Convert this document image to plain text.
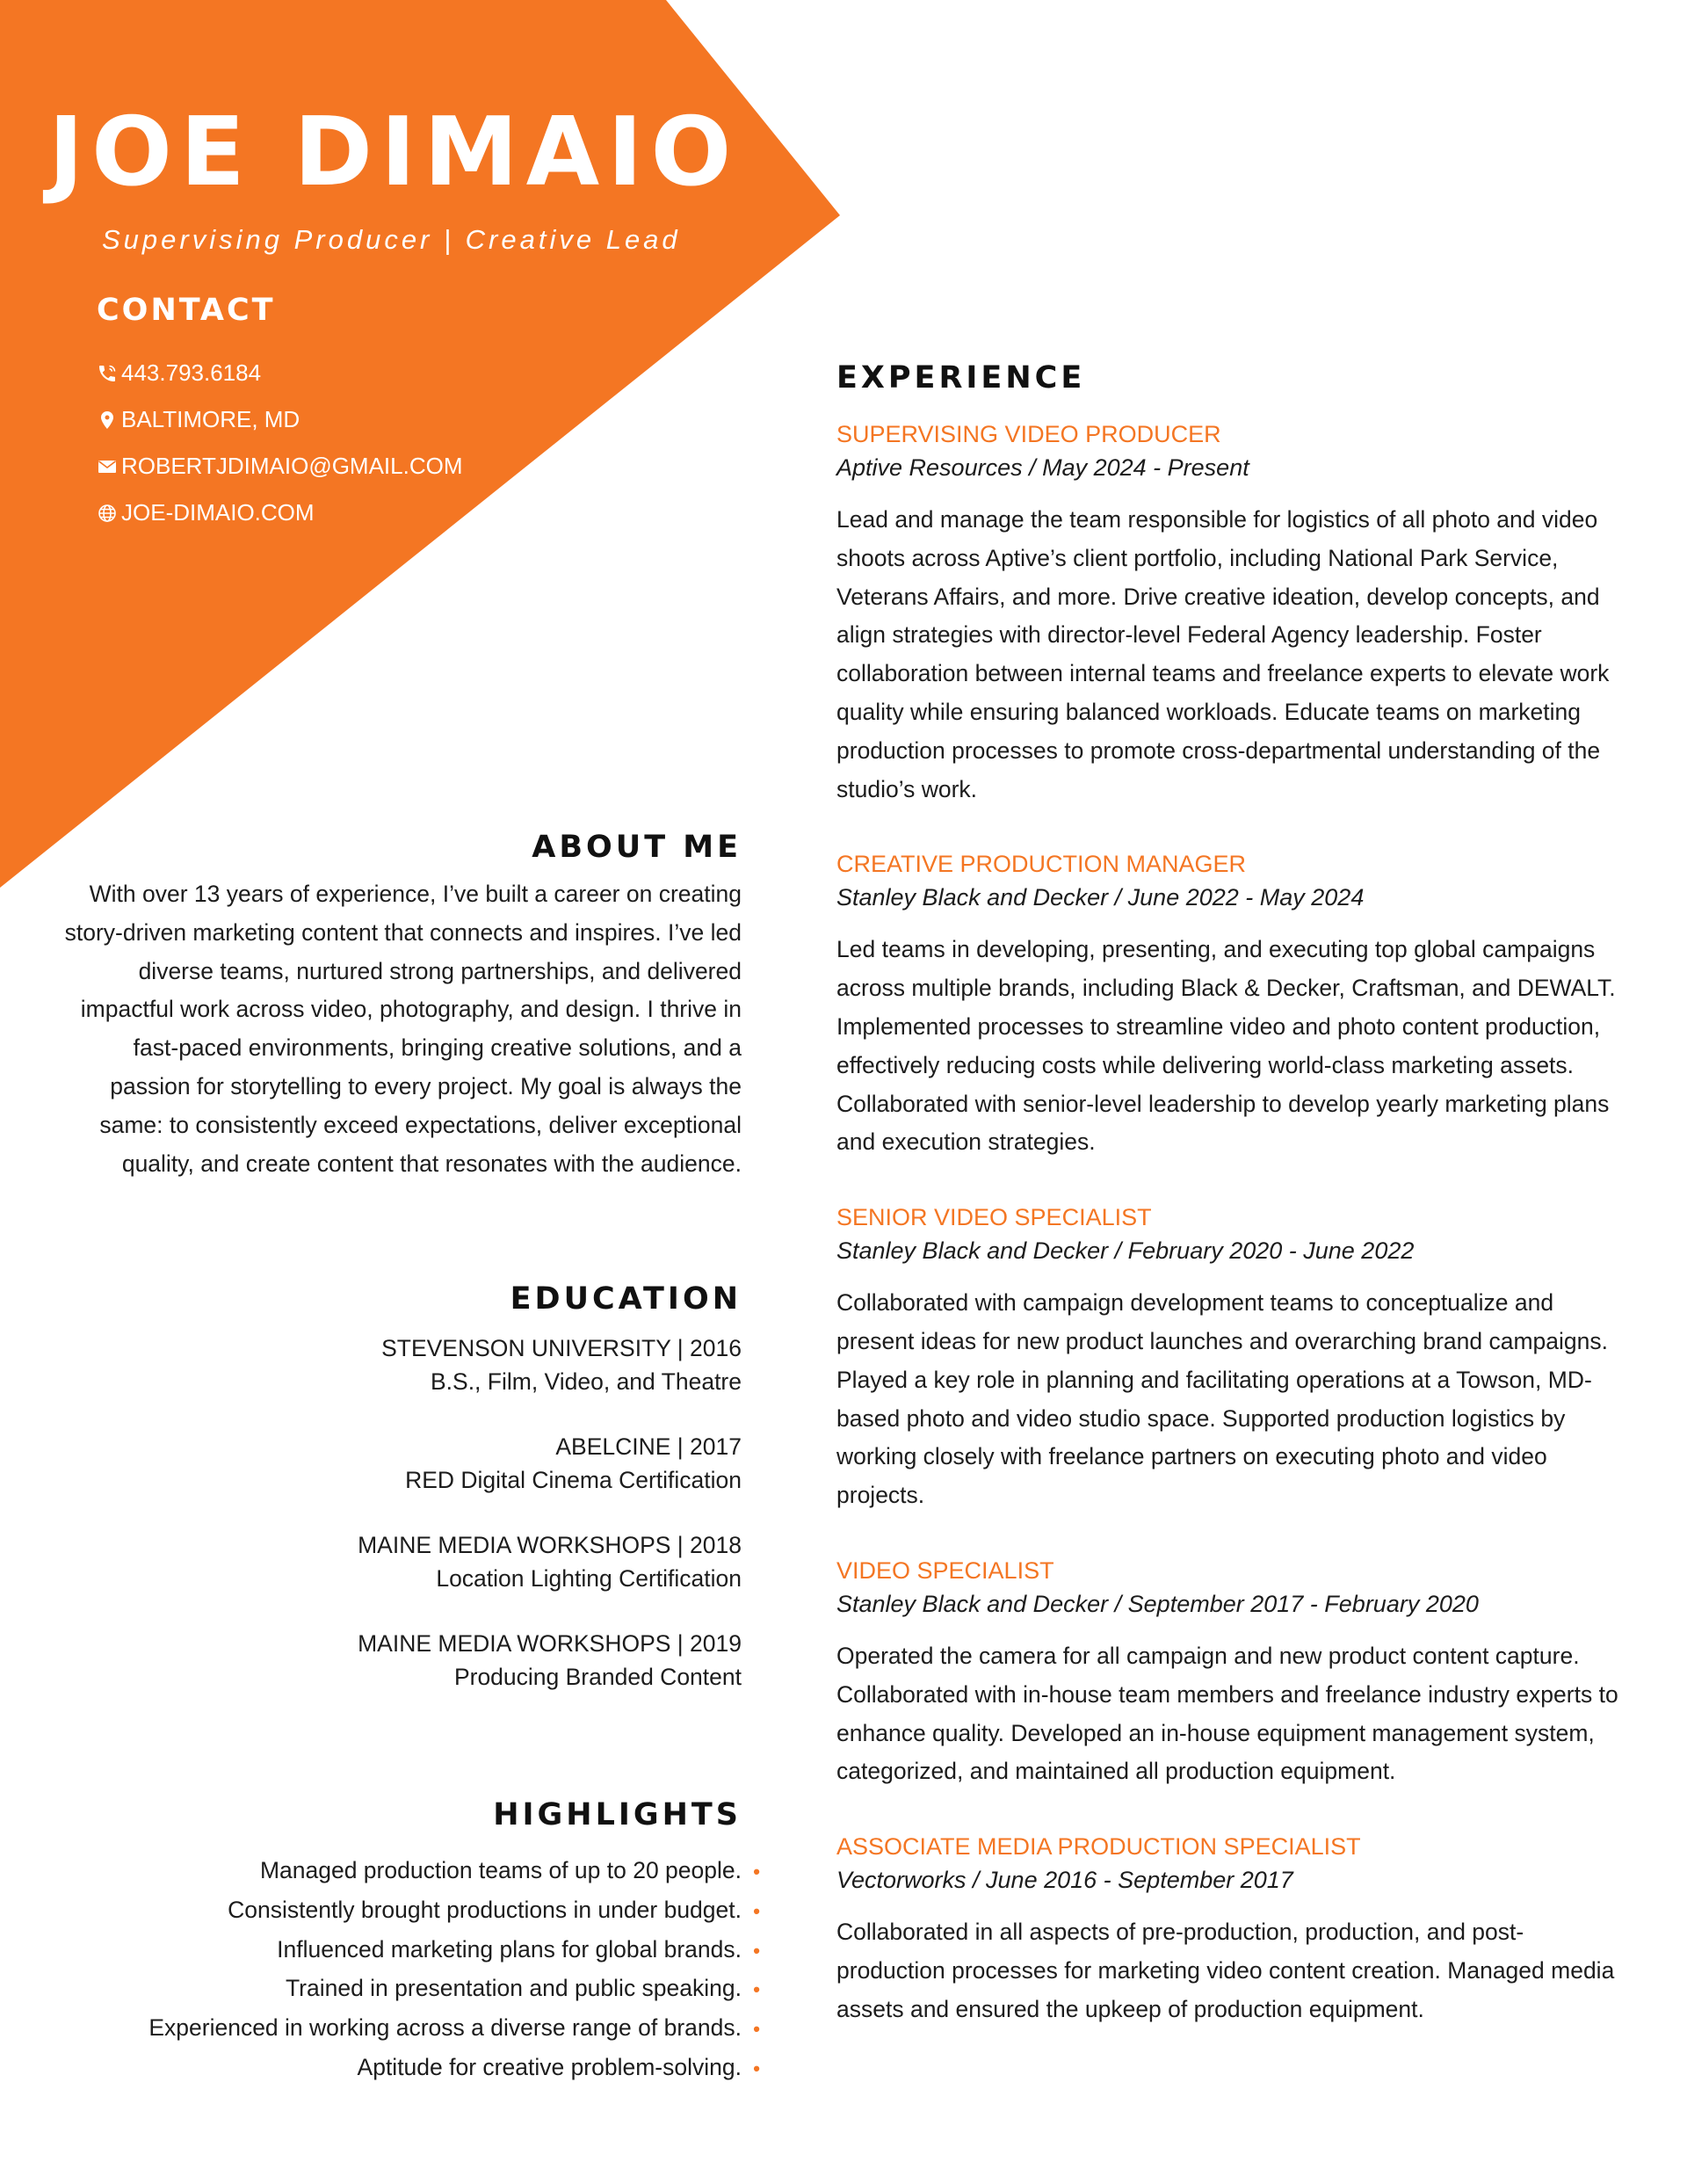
JOE DIMAIO
Supervising Producer | Creative Lead
CONTACT
443.793.6184
BALTIMORE, MD
ROBERTJDIMAIO@GMAIL.COM
JOE-DIMAIO.COM
ABOUT ME
With over 13 years of experience, I’ve built a career on creating story-driven marketing content that connects and inspires. I’ve led diverse teams, nurtured strong partnerships, and delivered impactful work across video, photography, and design. I thrive in fast-paced environments, bringing creative solutions, and a passion for storytelling to every project. My goal is always the same: to consistently exceed expectations, deliver exceptional quality, and create content that resonates with the audience.
EDUCATION
STEVENSON UNIVERSITY | 2016
B.S., Film, Video, and Theatre
ABELCINE | 2017
RED Digital Cinema Certification
MAINE MEDIA WORKSHOPS | 2018
Location Lighting Certification
MAINE MEDIA WORKSHOPS | 2019
Producing Branded Content
HIGHLIGHTS
Managed production teams of up to 20 people. •
Consistently brought productions in under budget. •
Influenced marketing plans for global brands. •
Trained in presentation and public speaking. •
Experienced in working across a diverse range of brands. •
Aptitude for creative problem-solving. •
EXPERIENCE
SUPERVISING VIDEO PRODUCER
Aptive Resources / May 2024 - Present
Lead and manage the team responsible for logistics of all photo and video shoots across Aptive’s client portfolio, including National Park Service, Veterans Affairs, and more. Drive creative ideation, develop concepts, and align strategies with director-level Federal Agency leadership. Foster collaboration between internal teams and freelance experts to elevate work quality while ensuring balanced workloads. Educate teams on marketing production processes to promote cross-departmental understanding of the studio’s work.
CREATIVE PRODUCTION MANAGER
Stanley Black and Decker / June 2022 - May 2024
Led teams in developing, presenting, and executing top global campaigns across multiple brands, including Black & Decker, Craftsman, and DEWALT. Implemented processes to streamline video and photo content production, effectively reducing costs while delivering world-class marketing assets. Collaborated with senior-level leadership to develop yearly marketing plans and execution strategies.
SENIOR VIDEO SPECIALIST
Stanley Black and Decker / February 2020 - June 2022
Collaborated with campaign development teams to conceptualize and present ideas for new product launches and overarching brand campaigns. Played a key role in planning and facilitating operations at a Towson, MD-based photo and video studio space. Supported production logistics by working closely with freelance partners on executing photo and video projects.
VIDEO SPECIALIST
Stanley Black and Decker / September 2017 - February 2020
Operated the camera for all campaign and new product content capture. Collaborated with in-house team members and freelance industry experts to enhance quality. Developed an in-house equipment management system, categorized, and maintained all production equipment.
ASSOCIATE MEDIA PRODUCTION SPECIALIST
Vectorworks / June 2016 - September 2017
Collaborated in all aspects of pre-production, production, and post-production processes for marketing video content creation. Managed media assets and ensured the upkeep of production equipment.
